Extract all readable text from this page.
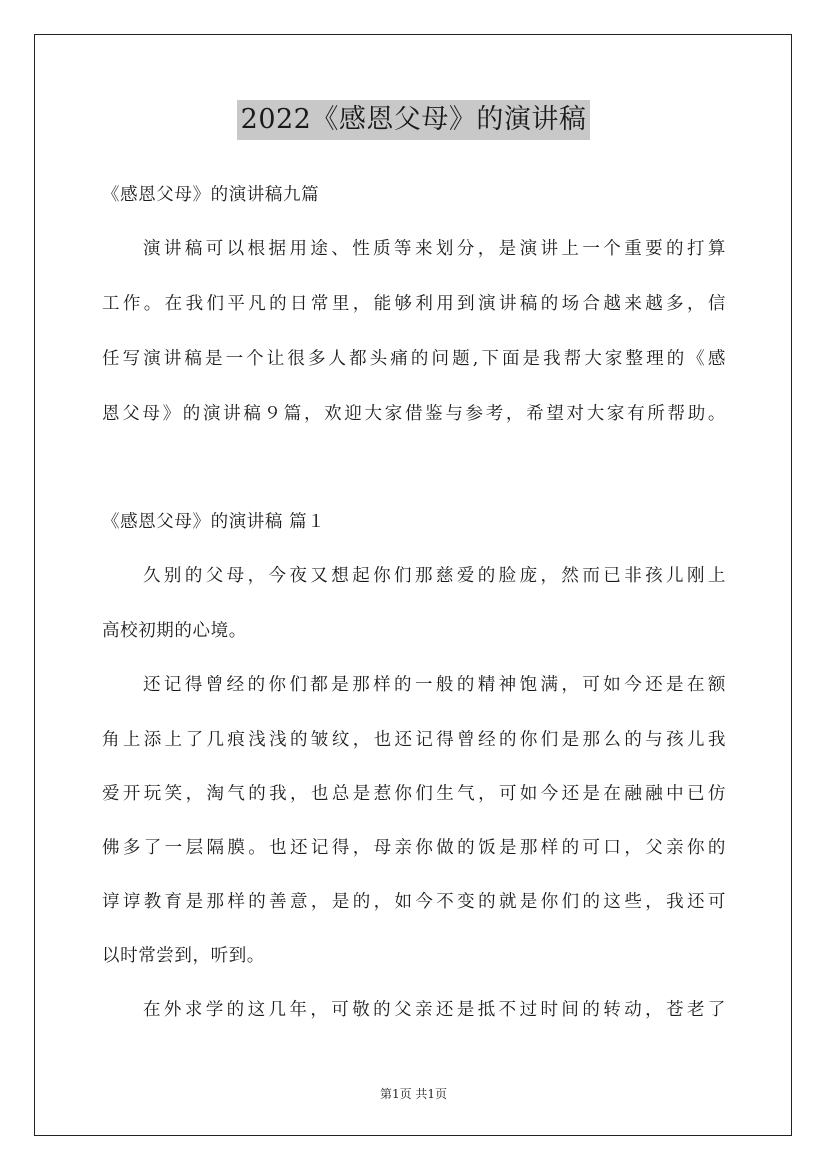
2022《感恩父母》的演讲稿
《感恩父母》的演讲稿九篇
演讲稿可以根据用途、性质等来划分，是演讲上一个重要的打算
工作。在我们平凡的日常里，能够利用到演讲稿的场合越来越多，信
任写演讲稿是一个让很多人都头痛的问题,下面是我帮大家整理的《感
恩父母》的演讲稿９篇，欢迎大家借鉴与参考，希望对大家有所帮助。
《感恩父母》的演讲稿 篇１
久别的父母，今夜又想起你们那慈爱的脸庞，然而已非孩儿刚上
高校初期的心境。
还记得曾经的你们都是那样的一般的精神饱满，可如今还是在额
角上添上了几痕浅浅的皱纹，也还记得曾经的你们是那么的与孩儿我
爱开玩笑，淘气的我，也总是惹你们生气，可如今还是在融融中已仿
佛多了一层隔膜。也还记得，母亲你做的饭是那样的可口，父亲你的
谆谆教育是那样的善意，是的，如今不变的就是你们的这些，我还可
以时常尝到，听到。
在外求学的这几年，可敬的父亲还是抵不过时间的转动，苍老了
第1页 共1页
